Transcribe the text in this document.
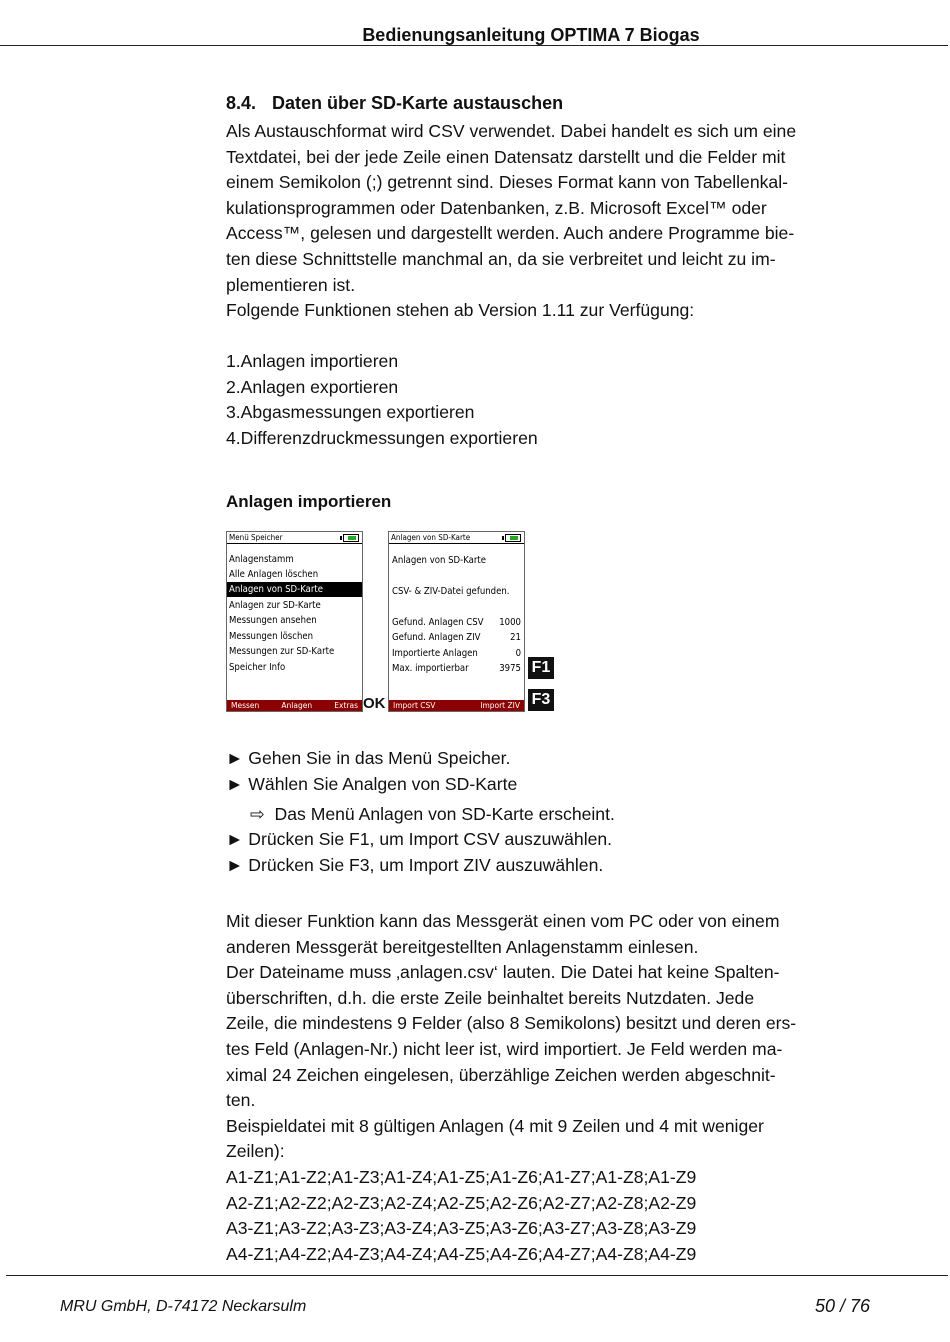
Bedienungsanleitung OPTIMA 7 Biogas
8.4. Daten über SD-Karte austauschen
Als Austauschformat wird CSV verwendet. Dabei handelt es sich um eine
Textdatei, bei der jede Zeile einen Datensatz darstellt und die Felder mit
einem Semikolon (;) getrennt sind. Dieses Format kann von Tabellenkal-
kulationsprogrammen oder Datenbanken, z.B. Microsoft Excel™ oder
Access™, gelesen und dargestellt werden. Auch andere Programme bie-
ten diese Schnittstelle manchmal an, da sie verbreitet und leicht zu im-
plementieren ist.
Folgende Funktionen stehen ab Version 1.11 zur Verfügung:
1.Anlagen importieren
2.Anlagen exportieren
3.Abgasmessungen exportieren
4.Differenzdruckmessungen exportieren
Anlagen importieren
Menü Speicher
Anlagenstamm
Alle Anlagen löschen
Anlagen von SD-Karte
Anlagen zur SD-Karte
Messungen ansehen
Messungen löschen
Messungen zur SD-Karte
Speicher Info
Messen	Anlagen	Extras OK
Anlagen von SD-Karte
Anlagen von SD-Karte
CSV- & ZIV-Datei gefunden.
Gefund. Anlagen CSV 1000
Gefund. Anlagen ZIV	21
Importierte Anlagen	0
Max. importierbar	3975
Import CSV	Import ZIV
F1
F3
► Gehen Sie in das Menü Speicher.
► Wählen Sie Analgen von SD-Karte
⇨ Das Menü Anlagen von SD-Karte erscheint.
► Drücken Sie F1, um Import CSV auszuwählen.
► Drücken Sie F3, um Import ZIV auszuwählen.
Mit dieser Funktion kann das Messgerät einen vom PC oder von einem
anderen Messgerät bereitgestellten Anlagenstamm einlesen.
Der Dateiname muss ‚anlagen.csv‘ lauten. Die Datei hat keine Spalten-
überschriften, d.h. die erste Zeile beinhaltet bereits Nutzdaten. Jede
Zeile, die mindestens 9 Felder (also 8 Semikolons) besitzt und deren ers-
tes Feld (Anlagen-Nr.) nicht leer ist, wird importiert. Je Feld werden ma-
ximal 24 Zeichen eingelesen, überzählige Zeichen werden abgeschnit-
ten.
Beispieldatei mit 8 gültigen Anlagen (4 mit 9 Zeilen und 4 mit weniger
Zeilen):
A1-Z1;A1-Z2;A1-Z3;A1-Z4;A1-Z5;A1-Z6;A1-Z7;A1-Z8;A1-Z9
A2-Z1;A2-Z2;A2-Z3;A2-Z4;A2-Z5;A2-Z6;A2-Z7;A2-Z8;A2-Z9
A3-Z1;A3-Z2;A3-Z3;A3-Z4;A3-Z5;A3-Z6;A3-Z7;A3-Z8;A3-Z9
A4-Z1;A4-Z2;A4-Z3;A4-Z4;A4-Z5;A4-Z6;A4-Z7;A4-Z8;A4-Z9
MRU GmbH, D-74172 Neckarsulm	50 / 76
